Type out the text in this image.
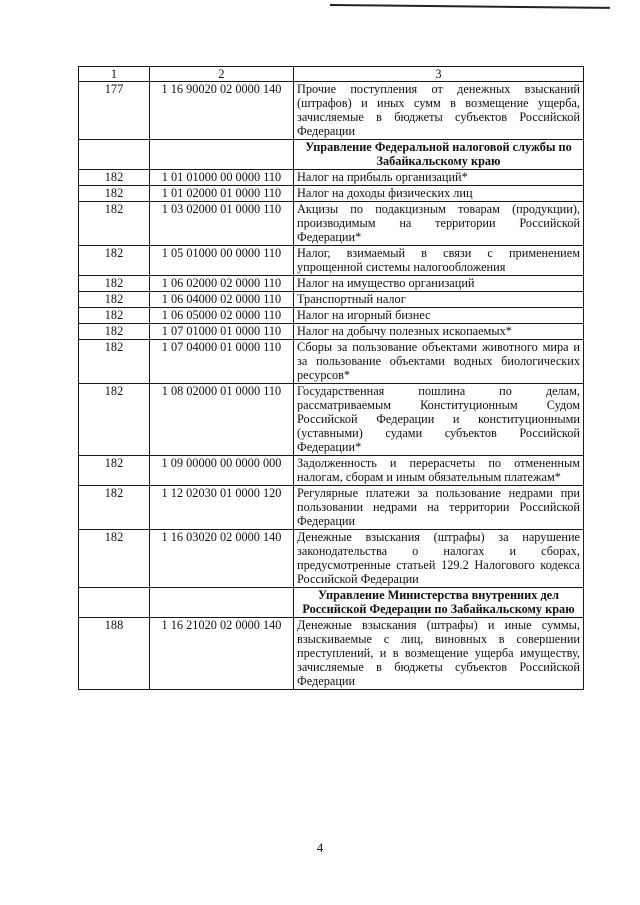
1	2	3
177	1 16 90020 02 0000 140	Прочие поступления от денежных взысканий (штрафов) и иных сумм в возмещение ущерба, зачисляемые в бюджеты субъектов Российской Федерации
		Управление Федеральной налоговой службы по Забайкальскому краю
182	1 01 01000 00 0000 110	Налог на прибыль организаций*
182	1 01 02000 01 0000 110	Налог на доходы физических лиц
182	1 03 02000 01 0000 110	Акцизы по подакцизным товарам (продукции), производимым на территории Российской Федерации*
182	1 05 01000 00 0000 110	Налог, взимаемый в связи с применением упрощенной системы налогообложения
182	1 06 02000 02 0000 110	Налог на имущество организаций
182	1 06 04000 02 0000 110	Транспортный налог
182	1 06 05000 02 0000 110	Налог на игорный бизнес
182	1 07 01000 01 0000 110	Налог на добычу полезных ископаемых*
182	1 07 04000 01 0000 110	Сборы за пользование объектами животного мира и за пользование объектами водных биологических ресурсов*
182	1 08 02000 01 0000 110	Государственная пошлина по делам, рассматриваемым Конституционным Судом Российской Федерации и конституционными (уставными) судами субъектов Российской Федерации*
182	1 09 00000 00 0000 000	Задолженность и перерасчеты по отмененным налогам, сборам и иным обязательным платежам*
182	1 12 02030 01 0000 120	Регулярные платежи за пользование недрами при пользовании недрами на территории Российской Федерации
182	1 16 03020 02 0000 140	Денежные взыскания (штрафы) за нарушение законодательства о налогах и сборах, предусмотренные статьей 129.2 Налогового кодекса Российской Федерации
		Управление Министерства внутренних дел Российской Федерации по Забайкальскому краю
188	1 16 21020 02 0000 140	Денежные взыскания (штрафы) и иные суммы, взыскиваемые с лиц, виновных в совершении преступлений, и в возмещение ущерба имуществу, зачисляемые в бюджеты субъектов Российской Федерации
4
